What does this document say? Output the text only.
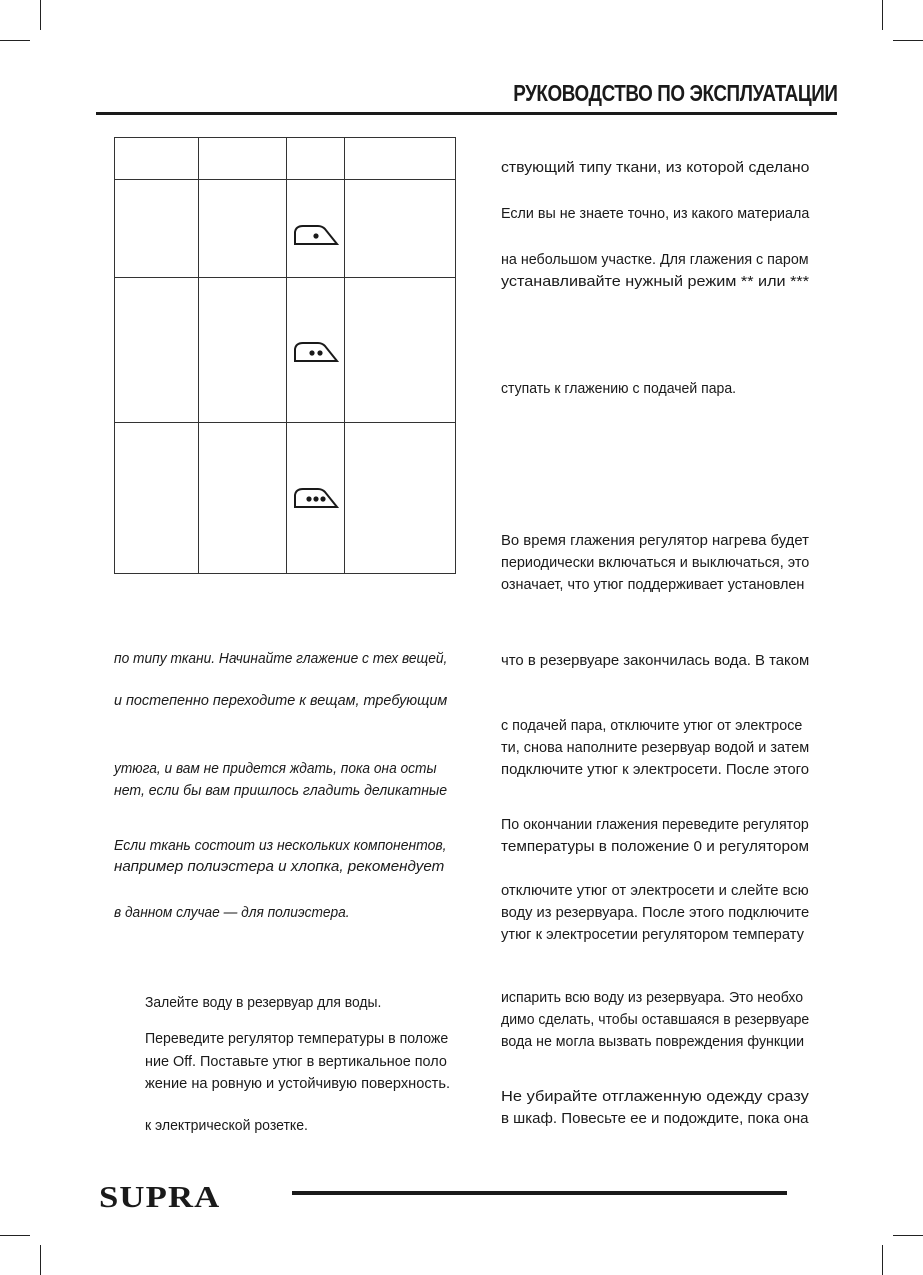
РУКОВОДСТВО ПО ЭКСПЛУАТАЦИИ

по типу ткани. Начинайте глажение с тех вещей,
и постепенно переходите к вещам, требующим
утюга, и вам не придется ждать, пока она осты
нет, если бы вам пришлось гладить деликатные
Если ткань состоит из нескольких компонентов,
например полиэстера и хлопка, рекомендует
в данном случае — для полиэстера.
Залейте воду в резервуар для воды.
Переведите регулятор температуры в положе
ние Off. Поставьте утюг в вертикальное поло
жение на ровную и устойчивую поверхность.
к электрической розетке.
ствующий типу ткани, из которой сделано
Если вы не знаете точно, из какого материала
на небольшом участке. Для глажения с паром
устанавливайте нужный режим ** или ***
ступать к глажению с подачей пара.
Во время глажения регулятор нагрева будет
периодически включаться и выключаться, это
означает, что утюг поддерживает установлен
что в резервуаре закончилась вода. В таком
с подачей пара, отключите утюг от электросе
ти, снова наполните резервуар водой и затем
подключите утюг к электросети. После этого
По окончании глажения переведите регулятор
температуры в положение 0 и регулятором
отключите утюг от электросети и слейте всю
воду из резервуара. После этого подключите
утюг к электросетии регулятором температу
испарить всю воду из резервуара. Это необхо
димо сделать, чтобы оставшаяся в резервуаре
вода не могла вызвать повреждения функции
Не убирайте отглаженную одежду сразу
в шкаф. Повесьте ее и подождите, пока она
SUPRA
